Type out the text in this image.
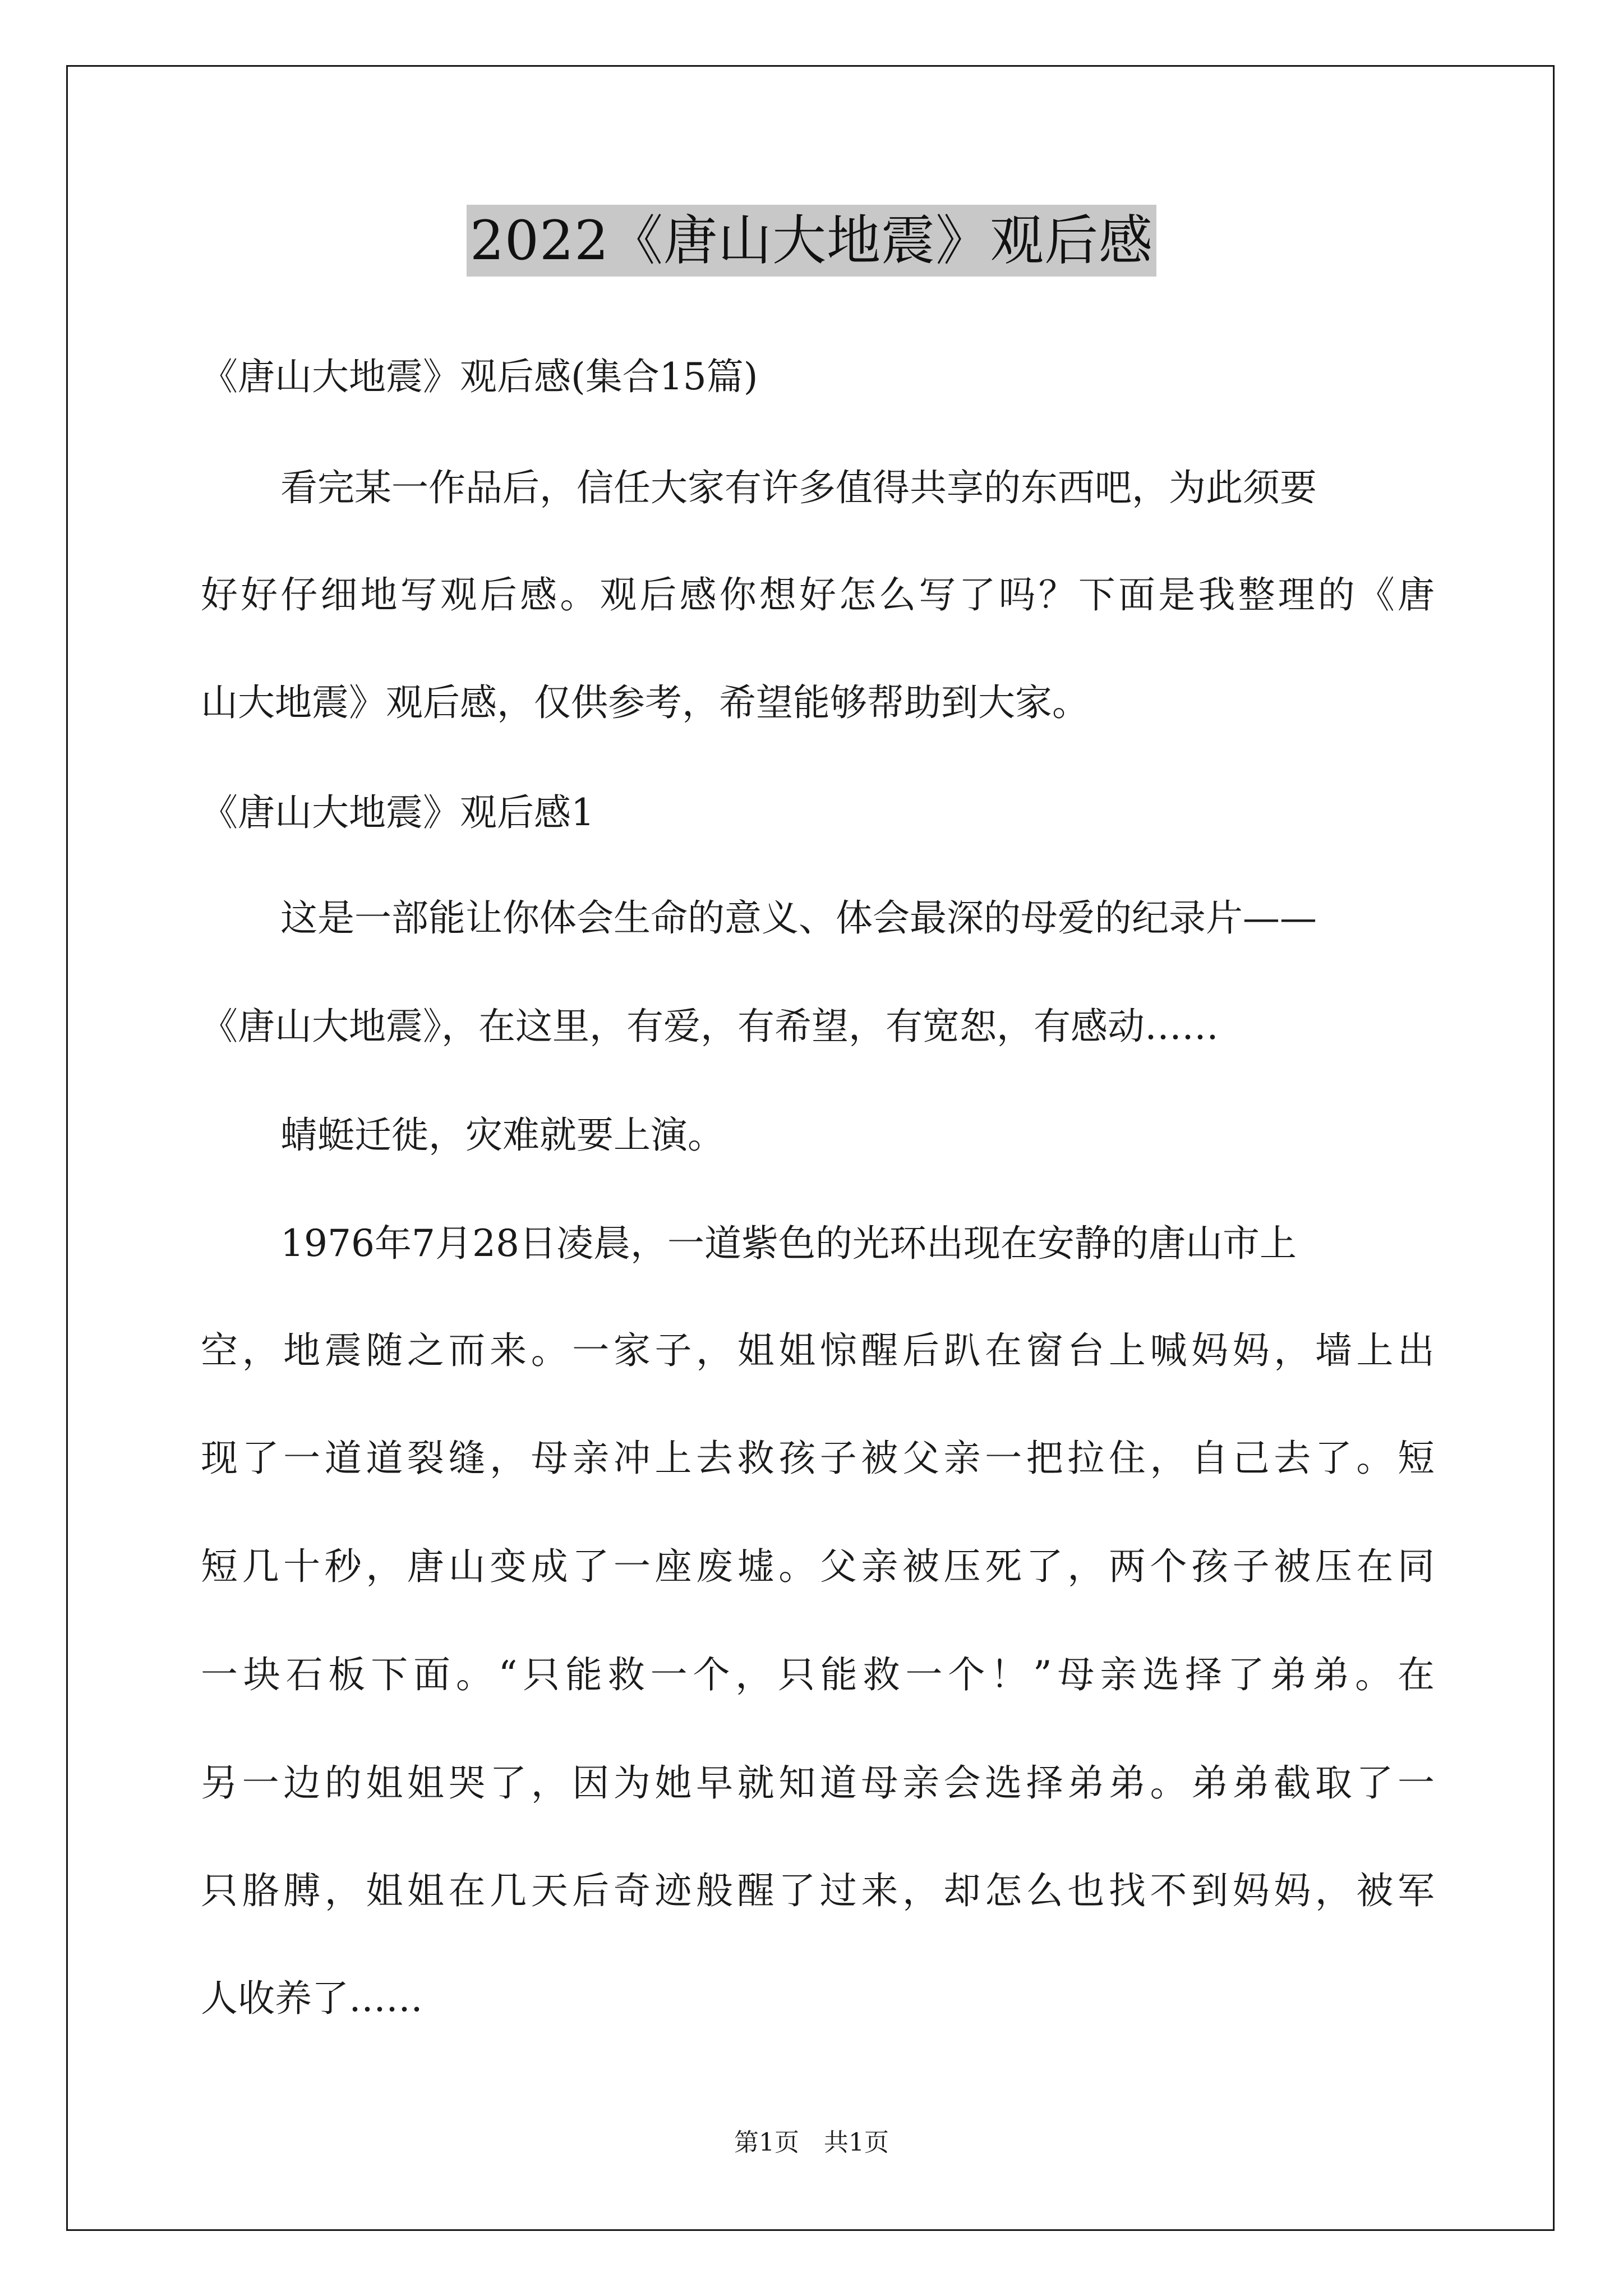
2022《唐山大地震》观后感
《唐山大地震》观后感(集合15篇)
看完某一作品后，信任大家有许多值得共享的东西吧，为此须要
好好仔细地写观后感。观后感你想好怎么写了吗？下面是我整理的《唐
山大地震》观后感，仅供参考，希望能够帮助到大家。
《唐山大地震》观后感1
这是一部能让你体会生命的意义、体会最深的母爱的纪录片——
《唐山大地震》，在这里，有爱，有希望，有宽恕，有感动……
蜻蜓迁徙，灾难就要上演。
1976年7月28日凌晨，一道紫色的光环出现在安静的唐山市上
空，地震随之而来。一家子，姐姐惊醒后趴在窗台上喊妈妈，墙上出
现了一道道裂缝，母亲冲上去救孩子被父亲一把拉住，自己去了。短
短几十秒，唐山变成了一座废墟。父亲被压死了，两个孩子被压在同
一块石板下面。“只能救一个，只能救一个！”母亲选择了弟弟。在
另一边的姐姐哭了，因为她早就知道母亲会选择弟弟。弟弟截取了一
只胳膊，姐姐在几天后奇迹般醒了过来，却怎么也找不到妈妈，被军
人收养了……
第1页　共1页
